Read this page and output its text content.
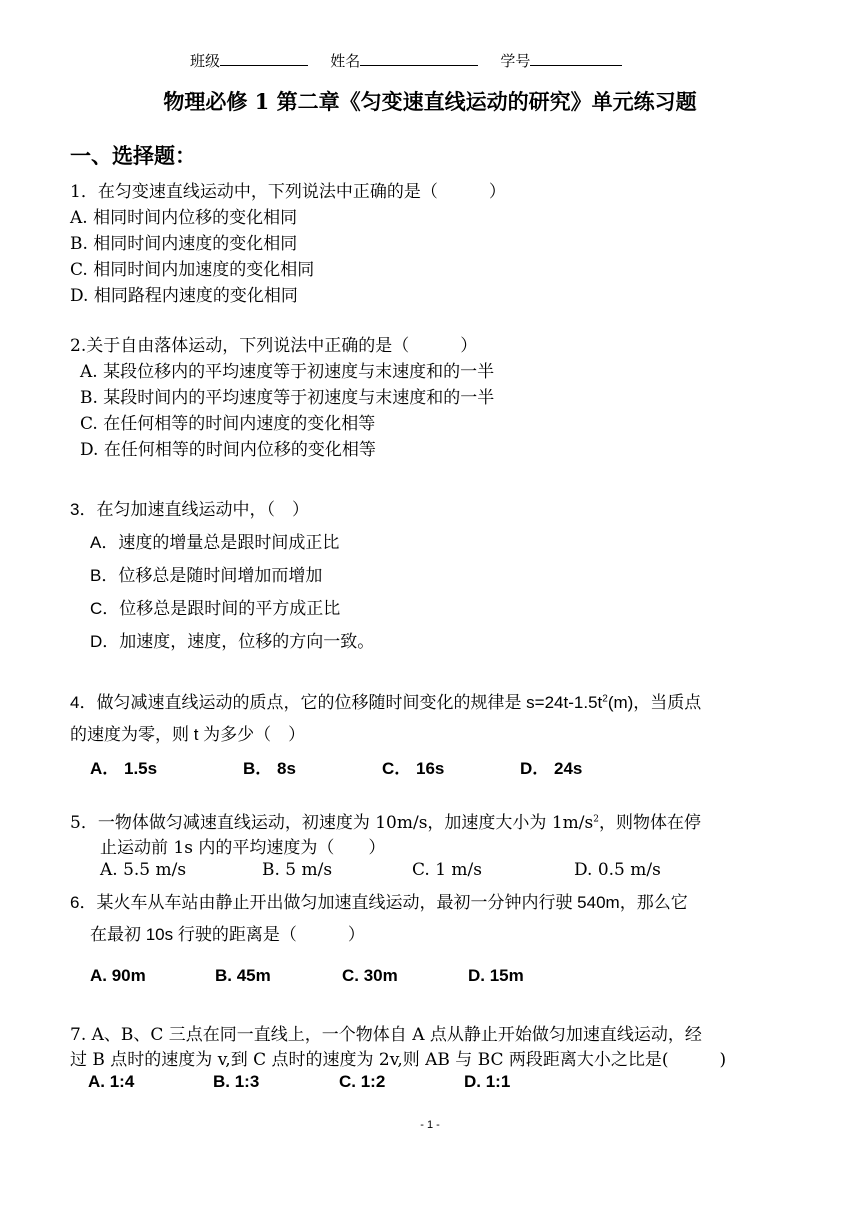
班级	姓名	学号
物理必修 1 第二章《匀变速直线运动的研究》单元练习题
一、选择题：
1．在匀变速直线运动中，下列说法中正确的是（　　　）
A. 相同时间内位移的变化相同
B. 相同时间内速度的变化相同
C. 相同时间内加速度的变化相同
D. 相同路程内速度的变化相同
2.关于自由落体运动，下列说法中正确的是（　　　）
A. 某段位移内的平均速度等于初速度与末速度和的一半
B. 某段时间内的平均速度等于初速度与末速度和的一半
C. 在任何相等的时间内速度的变化相等
D. 在任何相等的时间内位移的变化相等
3．在匀加速直线运动中，（　）
A．速度的增量总是跟时间成正比
B．位移总是随时间增加而增加
C．位移总是跟时间的平方成正比
D．加速度，速度，位移的方向一致。
4．做匀减速直线运动的质点，它的位移随时间变化的规律是 $s=24t-1.5t^2(m)$，当质点
的速度为零，则 t 为多少（　）
A． 1.5s	B． 8s	C． 16s	D． 24s
5．一物体做匀减速直线运动，初速度为 10m/s，加速度大小为 $1m/s^2$，则物体在停
止运动前 1s 内的平均速度为（　　）
A. 5.5 m/s	B. 5 m/s	C. 1 m/s	D. 0.5 m/s
6．某火车从车站由静止开出做匀加速直线运动，最初一分钟内行驶 540m，那么它
在最初 10s 行驶的距离是（　　　）
A. 90m	B. 45m	C. 30m	D. 15m
7. A、B、C 三点在同一直线上，一个物体自 A 点从静止开始做匀加速直线运动，经
过 B 点时的速度为 v,到 C 点时的速度为 2v,则 AB 与 BC 两段距离大小之比是(　　　)
A. 1:4	B. 1:3	C. 1:2	D. 1:1
- 1 -
